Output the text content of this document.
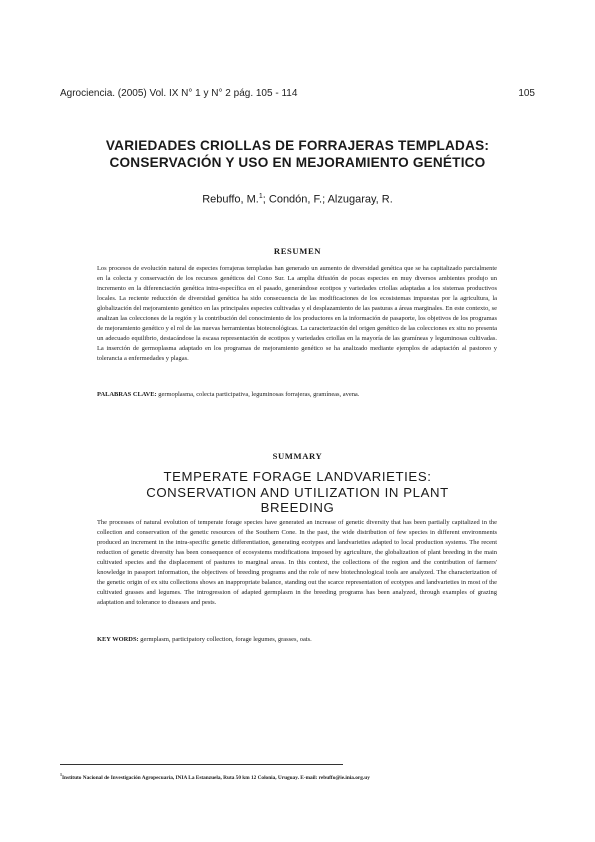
Agrociencia. (2005) Vol. IX N° 1 y N° 2 pág. 105 - 114	105
VARIEDADES CRIOLLAS DE FORRAJERAS TEMPLADAS:
CONSERVACIÓN Y USO EN MEJORAMIENTO GENÉTICO
Rebuffo, M.$^1$; Condón, F.; Alzugaray, R.
RESUMEN

Los procesos de evolución natural de especies forrajeras templadas han generado un aumento de diversidad genética que se ha capitalizado parcialmente en la colecta y conservación de los recursos genéticos del Cono Sur. La amplia difusión de pocas especies en muy diversos ambientes produjo un incremento en la diferenciación genética intra-específica en el pasado, generándose ecotipos y variedades criollas adaptadas a los sistemas productivos locales. La reciente reducción de diversidad genética ha sido consecuencia de las modificaciones de los ecosistemas impuestas por la agricultura, la globalización del mejoramiento genético en las principales especies cultivadas y el desplazamiento de las pasturas a áreas marginales. En este contexto, se analizan las colecciones de la región y la contribución del conocimiento de los productores en la información de pasaporte, los objetivos de los programas de mejoramiento genético y el rol de las nuevas herramientas biotecnológicas. La caracterización del origen genético de las colecciones ex situ no presenta un adecuado equilibrio, destacándose la escasa representación de ecotipos y variedades criollas en la mayoría de las gramíneas y leguminosas cultivadas. La inserción de germoplasma adaptado en los programas de mejoramiento genético se ha analizado mediante ejemplos de adaptación al pastoreo y tolerancia a enfermedades y plagas.

PALABRAS CLAVE: germoplasma, colecta participativa, leguminosas forrajeras, gramíneas, avena.

SUMMARY
TEMPERATE FORAGE LANDVARIETIES:
CONSERVATION AND UTILIZATION IN PLANT
BREEDING

The processes of natural evolution of temperate forage species have generated an increase of genetic diversity that has been partially capitalized in the collection and conservation of the genetic resources of the Southern Cone. In the past, the wide distribution of few species in different environments produced an increment in the intra-specific genetic differentiation, generating ecotypes and landvarieties adapted to local production systems. The recent reduction of genetic diversity has been consequence of ecosystems modifications imposed by agriculture, the globalization of plant breeding in the main cultivated species and the displacement of pastures to marginal areas. In this context, the collections of the region and the contribution of farmers' knowledge in passport information, the objectives of breeding programs and the role of new biotechnological tools are analyzed. The characterization of the genetic origin of ex situ collections shows an inappropriate balance, standing out the scarce representation of ecotypes and landvarieties in most of the cultivated grasses and legumes. The introgression of adapted germplasm in the breeding programs has been analyzed, through examples of grazing adaptation and tolerance to diseases and pests.

KEY WORDS: germplasm, participatory collection, forage legumes, grasses, oats.

$^1$Instituto Nacional de Investigación Agropecuaria, INIA La Estanzuela, Ruta 50 km 12 Colonia, Uruguay. E-mail: rebuffo@ie.inia.org.uy
